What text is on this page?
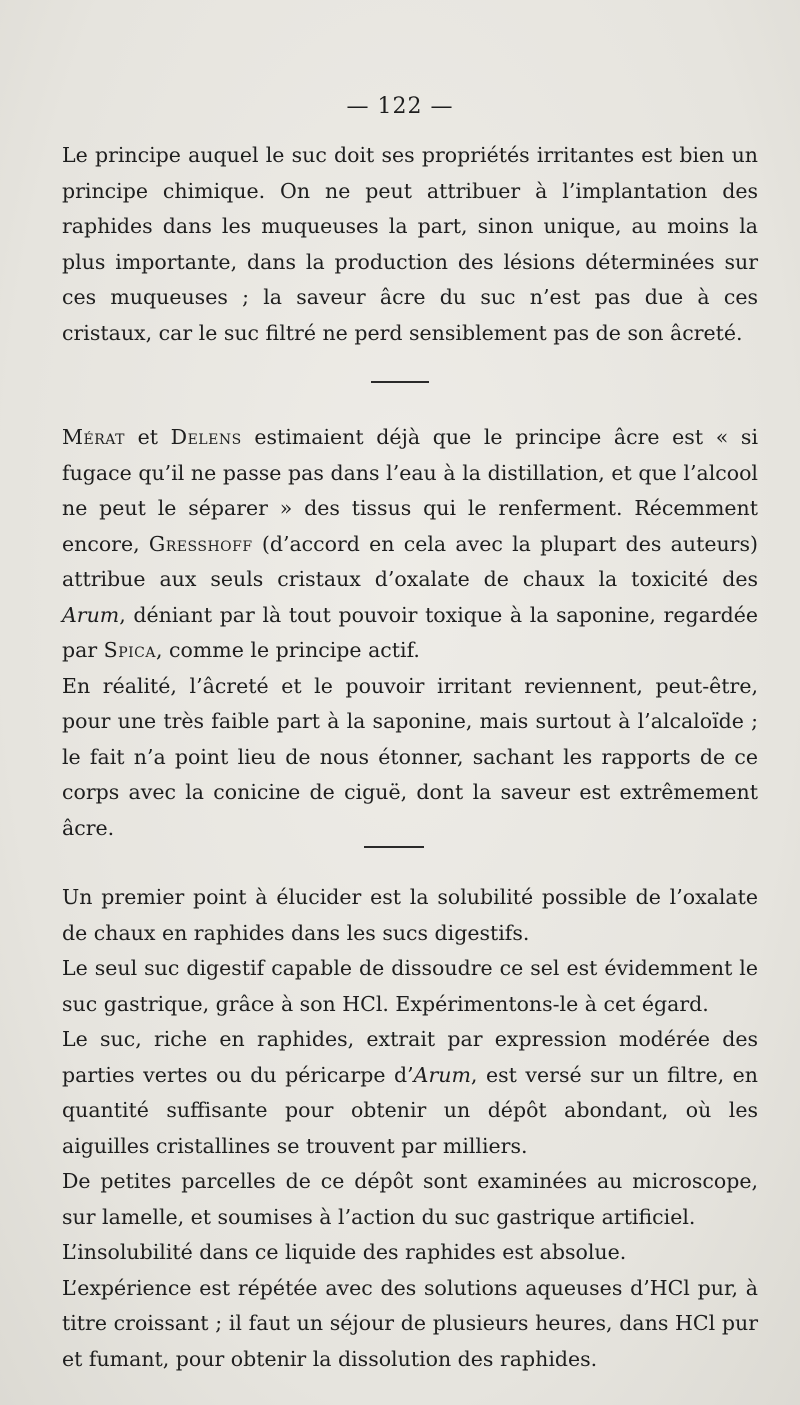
— 122 —

Le principe auquel le suc doit ses propriétés irritantes est bien un principe chimique. On ne peut attribuer à l’implantation des raphides dans les muqueuses la part, sinon unique, au moins la plus importante, dans la production des lésions déterminées sur ces muqueuses ; la saveur âcre du suc n’est pas due à ces cristaux, car le suc filtré ne perd sensiblement pas de son âcreté.

Mérat et Delens estimaient déjà que le principe âcre est « si fugace qu’il ne passe pas dans l’eau à la distillation, et que l’alcool ne peut le séparer » des tissus qui le renferment. Récemment encore, Gresshoff (d’accord en cela avec la plupart des auteurs) attribue aux seuls cristaux d’oxalate de chaux la toxicité des Arum, déniant par là tout pouvoir toxique à la saponine, regardée par Spica, comme le principe actif.

En réalité, l’âcreté et le pouvoir irritant reviennent, peut-être, pour une très faible part à la saponine, mais surtout à l’alcaloïde ; le fait n’a point lieu de nous étonner, sachant les rapports de ce corps avec la conicine de ciguë, dont la saveur est extrêmement âcre.

Un premier point à élucider est la solubilité possible de l’oxalate de chaux en raphides dans les sucs digestifs.

Le seul suc digestif capable de dissoudre ce sel est évidemment le suc gastrique, grâce à son HCl. Expérimentons-le à cet égard.

Le suc, riche en raphides, extrait par expression modérée des parties vertes ou du péricarpe d’Arum, est versé sur un filtre, en quantité suffisante pour obtenir un dépôt abondant, où les aiguilles cristallines se trouvent par milliers.

De petites parcelles de ce dépôt sont examinées au microscope, sur lamelle, et soumises à l’action du suc gastrique artificiel.

L’insolubilité dans ce liquide des raphides est absolue.

L’expérience est répétée avec des solutions aqueuses d’HCl pur, à titre croissant ; il faut un séjour de plusieurs heures, dans HCl pur et fumant, pour obtenir la dissolution des raphides.
